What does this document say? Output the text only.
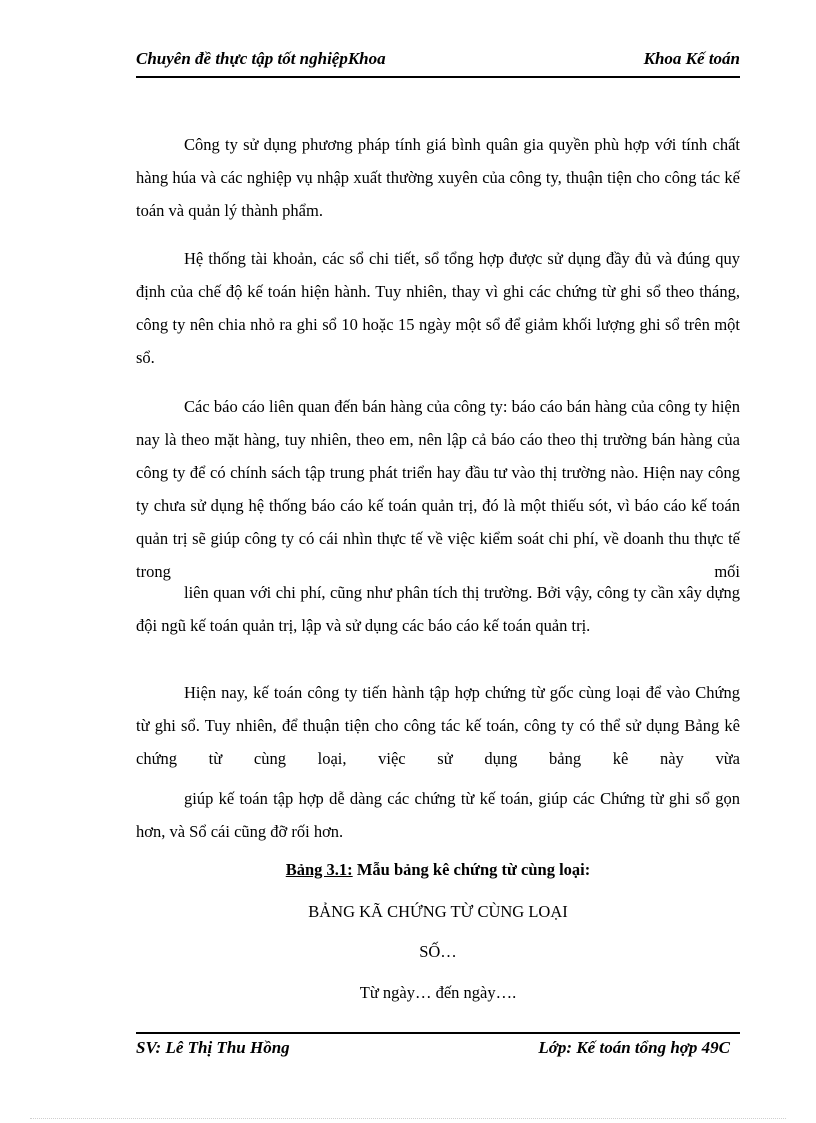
Chuyên đề thực tập tốt nghiệpKhoa	Khoa Kế toán

Công ty sử dụng phương pháp tính giá bình quân gia quyền phù hợp với tính chất hàng húa và các nghiệp vụ nhập xuất thường xuyên của công ty, thuận tiện cho công tác kế toán và quản lý thành phẩm.

Hệ thống tài khoản, các sổ chi tiết, sổ tổng hợp được sử dụng đầy đủ và đúng quy định của chế độ kế toán hiện hành. Tuy nhiên, thay vì ghi các chứng từ ghi sổ theo tháng, công ty nên chia nhỏ ra ghi sổ 10 hoặc 15 ngày một sổ để giảm khối lượng ghi sổ trên một sổ.

Các báo cáo liên quan đến bán hàng của công ty: báo cáo bán hàng của công ty hiện nay là theo mặt hàng, tuy nhiên, theo em, nên lập cả báo cáo theo thị trường bán hàng của công ty để có chính sách tập trung phát triển hay đầu tư vào thị trường nào. Hiện nay công ty chưa sử dụng hệ thống báo cáo kế toán quản trị, đó là một thiếu sót, vì báo cáo kế toán quản trị sẽ giúp công ty có cái nhìn thực tế về việc kiểm soát chi phí, về doanh thu thực tế trong mối

liên quan với chi phí, cũng như phân tích thị trường. Bởi vậy, công ty cần xây dựng đội ngũ kế toán quản trị, lập và sử dụng các báo cáo kế toán quản trị.

Hiện nay, kế toán công ty tiến hành tập hợp chứng từ gốc cùng loại để vào Chứng từ ghi sổ. Tuy nhiên, để thuận tiện cho công tác kế toán, công ty có thể sử dụng Bảng kê chứng từ cùng loại, việc sử dụng bảng kê này vừa

giúp kế toán tập hợp dễ dàng các chứng từ kế toán, giúp các Chứng từ ghi sổ gọn hơn, và Sổ cái cũng đỡ rối hơn.

Bảng 3.1: Mẫu bảng kê chứng từ cùng loại:
BẢNG KÃ CHỨNG TỪ CÙNG LOẠI
SỐ…
Từ ngày… đến ngày….
SV: Lê Thị Thu Hồng	Lớp: Kế toán tổng hợp 49C
